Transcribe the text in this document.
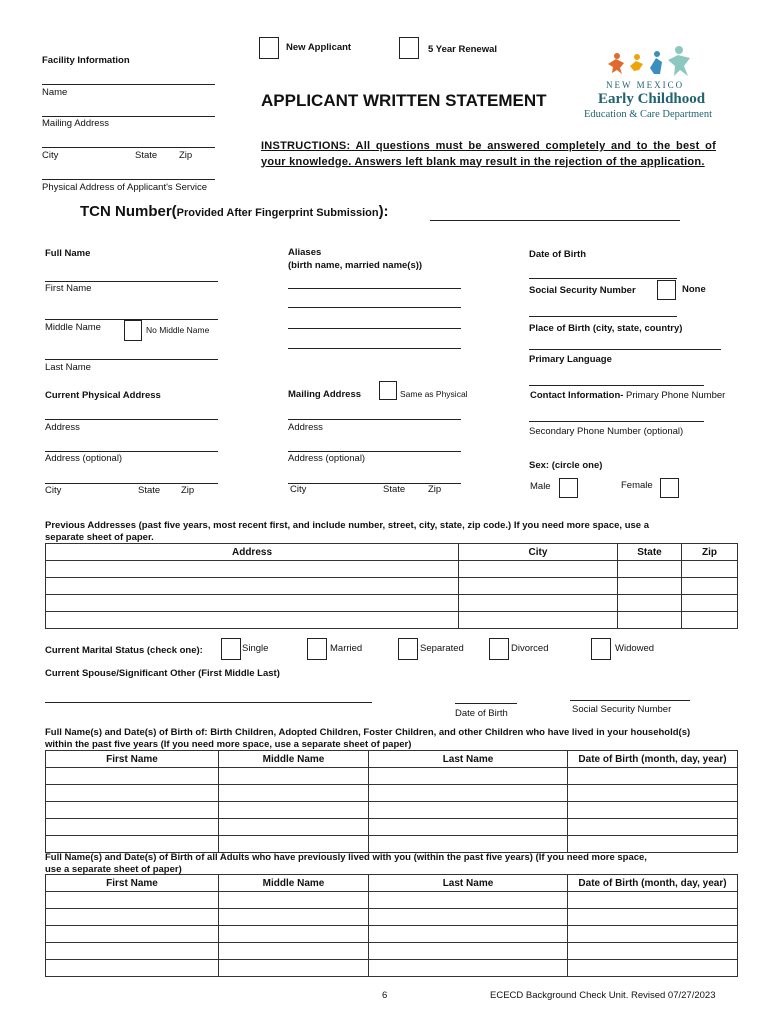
New Applicant	5 Year Renewal
Facility Information
Name
Mailing Address
City	State Zip
Physical Address of Applicant's Service
APPLICANT WRITTEN STATEMENT
INSTRUCTIONS: All questions must be answered completely and to the best of your knowledge. Answers left blank may result in the rejection of the application.
NEW MEXICO
Early Childhood
Education & Care Department
TCN Number(Provided After Fingerprint Submission):
Full Name
First Name
Middle Name	No Middle Name
Last Name
Current Physical Address
Address
Address (optional)
City	State Zip
Aliases
(birth name, married name(s))
Mailing Address	Same as Physical
Address
Address (optional)
City	State Zip
Date of Birth
Social Security Number	None
Place of Birth (city, state, country)
Primary Language
Contact Information- Primary Phone Number
Secondary Phone Number (optional)
Sex: (circle one)
Male	Female
Previous Addresses (past five years, most recent first, and include number, street, city, state, zip code.) If you need more space, use a
separate sheet of paper.
Address	City	State	Zip

Current Marital Status (check one):	Single	Married	Separated	Divorced	Widowed
Current Spouse/Significant Other (First Middle Last)
Date of Birth	Social Security Number
Full Name(s) and Date(s) of Birth of: Birth Children, Adopted Children, Foster Children, and other Children who have lived in your household(s)
within the past five years (If you need more space, use a separate sheet of paper)
First Name	Middle Name	Last Name	Date of Birth (month, day, year)

Full Name(s) and Date(s) of Birth of all Adults who have previously lived with you (within the past five years) (If you need more space,
use a separate sheet of paper)
First Name	Middle Name	Last Name	Date of Birth (month, day, year)

6	ECECD Background Check Unit. Revised 07/27/2023
